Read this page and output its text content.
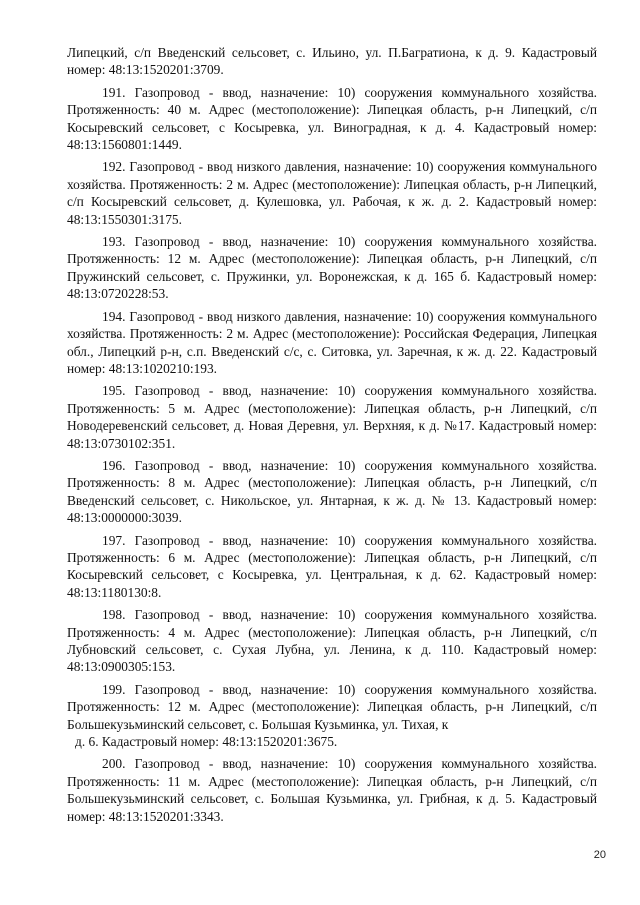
Липецкий, с/п Введенский сельсовет, с. Ильино, ул. П.Багратиона, к д. 9. Кадастровый номер: 48:13:1520201:3709.

191. Газопровод - ввод, назначение: 10) сооружения коммунального хозяйства. Протяженность: 40 м. Адрес (местоположение): Липецкая область, р-н Липецкий, с/п Косыревский сельсовет, с Косыревка, ул. Виноградная, к д. 4. Кадастровый номер: 48:13:1560801:1449.

192. Газопровод - ввод низкого давления, назначение: 10) сооружения коммунального хозяйства. Протяженность: 2 м. Адрес (местоположение): Липецкая область, р-н Липецкий, с/п Косыревский сельсовет, д. Кулешовка, ул. Рабочая, к ж. д. 2. Кадастровый номер: 48:13:1550301:3175.

193. Газопровод - ввод, назначение: 10) сооружения коммунального хозяйства. Протяженность: 12 м. Адрес (местоположение): Липецкая область, р-н Липецкий, с/п Пружинский сельсовет, с. Пружинки, ул. Воронежская, к д. 165 б. Кадастровый номер: 48:13:0720228:53.

194. Газопровод - ввод низкого давления, назначение: 10) сооружения коммунального хозяйства. Протяженность: 2 м. Адрес (местоположение): Российская Федерация, Липецкая обл., Липецкий р-н, с.п. Введенский с/с, с. Ситовка, ул. Заречная, к ж. д. 22. Кадастровый номер: 48:13:1020210:193.

195. Газопровод - ввод, назначение: 10) сооружения коммунального хозяйства. Протяженность: 5 м. Адрес (местоположение): Липецкая область, р-н Липецкий, с/п Новодеревенский сельсовет, д. Новая Деревня, ул. Верхняя, к д. №17. Кадастровый номер: 48:13:0730102:351.

196. Газопровод - ввод, назначение: 10) сооружения коммунального хозяйства. Протяженность: 8 м. Адрес (местоположение): Липецкая область, р-н Липецкий, с/п Введенский сельсовет, с. Никольское, ул. Янтарная, к ж. д. № 13. Кадастровый номер: 48:13:0000000:3039.

197. Газопровод - ввод, назначение: 10) сооружения коммунального хозяйства. Протяженность: 6 м. Адрес (местоположение): Липецкая область, р-н Липецкий, с/п Косыревский сельсовет, с Косыревка, ул. Центральная, к д. 62. Кадастровый номер: 48:13:1180130:8.

198. Газопровод - ввод, назначение: 10) сооружения коммунального хозяйства. Протяженность: 4 м. Адрес (местоположение): Липецкая область, р-н Липецкий, с/п Лубновский сельсовет, с. Сухая Лубна, ул. Ленина, к д. 110. Кадастровый номер: 48:13:0900305:153.

199. Газопровод - ввод, назначение: 10) сооружения коммунального хозяйства. Протяженность: 12 м. Адрес (местоположение): Липецкая область, р-н Липецкий, с/п Большекузьминский сельсовет, с. Большая Кузьминка, ул. Тихая, к

д. 6. Кадастровый номер: 48:13:1520201:3675.

200. Газопровод - ввод, назначение: 10) сооружения коммунального хозяйства. Протяженность: 11 м. Адрес (местоположение): Липецкая область, р-н Липецкий, с/п Большекузьминский сельсовет, с. Большая Кузьминка, ул. Грибная, к д. 5. Кадастровый номер: 48:13:1520201:3343.

20
